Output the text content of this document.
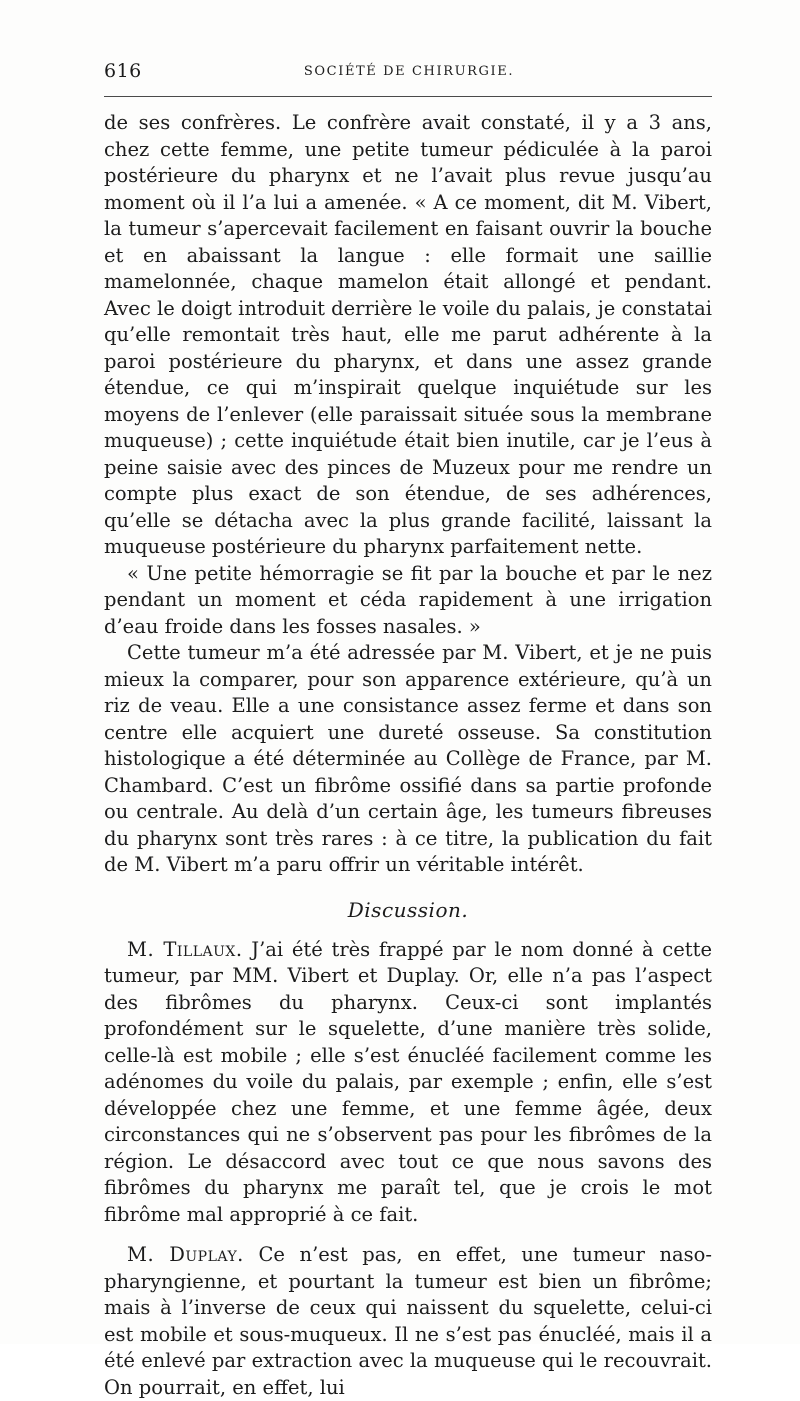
616	SOCIÉTÉ DE CHIRURGIE.

de ses confrères. Le confrère avait constaté, il y a 3 ans, chez cette femme, une petite tumeur pédiculée à la paroi postérieure du pharynx et ne l’avait plus revue jusqu’au moment où il l’a lui a amenée. « A ce moment, dit M. Vibert, la tumeur s’apercevait facilement en faisant ouvrir la bouche et en abaissant la langue : elle formait une saillie mamelonnée, chaque mamelon était allongé et pendant. Avec le doigt introduit derrière le voile du palais, je constatai qu’elle remontait très haut, elle me parut adhérente à la paroi postérieure du pharynx, et dans une assez grande étendue, ce qui m’inspirait quelque inquiétude sur les moyens de l’enlever (elle paraissait située sous la membrane muqueuse) ; cette inquiétude était bien inutile, car je l’eus à peine saisie avec des pinces de Muzeux pour me rendre un compte plus exact de son étendue, de ses adhérences, qu’elle se détacha avec la plus grande facilité, laissant la muqueuse postérieure du pharynx parfaitement nette.

« Une petite hémorragie se fit par la bouche et par le nez pendant un moment et céda rapidement à une irrigation d’eau froide dans les fosses nasales. »

Cette tumeur m’a été adressée par M. Vibert, et je ne puis mieux la comparer, pour son apparence extérieure, qu’à un riz de veau. Elle a une consistance assez ferme et dans son centre elle acquiert une dureté osseuse. Sa constitution histologique a été déterminée au Collège de France, par M. Chambard. C’est un fibrôme ossifié dans sa partie profonde ou centrale. Au delà d’un certain âge, les tumeurs fibreuses du pharynx sont très rares : à ce titre, la publication du fait de M. Vibert m’a paru offrir un véritable intérêt.

Discussion.

M. Tillaux. J’ai été très frappé par le nom donné à cette tumeur, par MM. Vibert et Duplay. Or, elle n’a pas l’aspect des fibrômes du pharynx. Ceux-ci sont implantés profondément sur le squelette, d’une manière très solide, celle-là est mobile ; elle s’est énucléé facilement comme les adénomes du voile du palais, par exemple ; enfin, elle s’est développée chez une femme, et une femme âgée, deux circonstances qui ne s’observent pas pour les fibrômes de la région. Le désaccord avec tout ce que nous savons des fibrômes du pharynx me paraît tel, que je crois le mot fibrôme mal approprié à ce fait.

M. Duplay. Ce n’est pas, en effet, une tumeur naso-pharyngienne, et pourtant la tumeur est bien un fibrôme; mais à l’inverse de ceux qui naissent du squelette, celui-ci est mobile et sous-muqueux. Il ne s’est pas énucléé, mais il a été enlevé par extraction avec la muqueuse qui le recouvrait. On pourrait, en effet, lui
